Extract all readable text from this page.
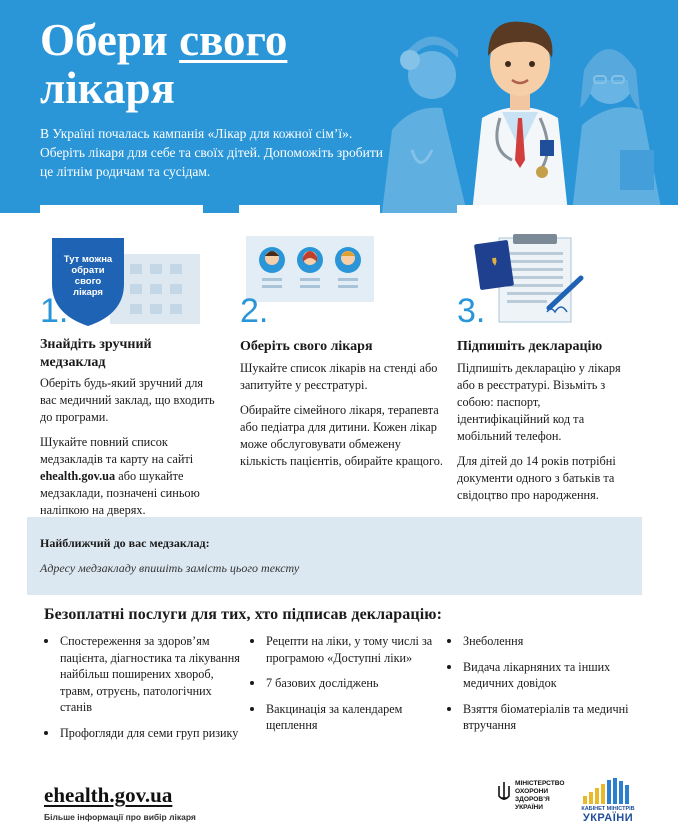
Обери свого
лікаря
В Україні почалась кампанія «Лікар для кожної сім’ї». Оберіть лікаря для себе та своїх дітей. Допоможіть зробити це літнім родичам та сусідам.
Тут можна обрати свого лікаря
1.
Знайдіть зручний медзаклад

Оберіть будь-який зручний для вас медичний заклад, що входить до програми.

Шукайте повний список медзакладів та карту на сайті ehealth.gov.ua або шукайте медзаклади, позначені синьою наліпкою на дверях.

2.
Оберіть свого лікаря

Шукайте список лікарів на стенді або запитуйте у реєстратурі.

Обирайте сімейного лікаря, терапевта або педіатра для дитини. Кожен лікар може обслуговувати обмежену кількість пацієнтів, обирайте кращого.

3.
Підпишіть декларацію

Підпишіть декларацію у лікаря або в реєстратурі. Візьміть з собою: паспорт, ідентифікаційний код та мобільний телефон.

Для дітей до 14 років потрібні документи одного з батьків та свідоцтво про народження.

Найближчий до вас медзаклад:
Адресу медзакладу впишіть замість цього тексту
Безоплатні послуги для тих, хто підписав декларацію:
Спостереження за здоров’ям пацієнта, діагностика та лікування найбільш поширених хвороб, травм, отруєнь, патологічних станів
Профогляди для семи груп ризику
Рецепти на ліки, у тому числі за програмою «Доступні ліки»
7 базових досліджень
Вакцинація за календарем щеплення
Знеболення
Видача лікарняних та інших медичних довідок
Взяття біоматеріалів та медичні втручання
ehealth.gov.ua
Більше інформації про вибір лікаря
МІНІСТЕРСТВО
ОХОРОНИ
ЗДОРОВ’Я
УКРАЇНИ	КАБІНЕТ МІНІСТРІВ
УКРАЇНИ
